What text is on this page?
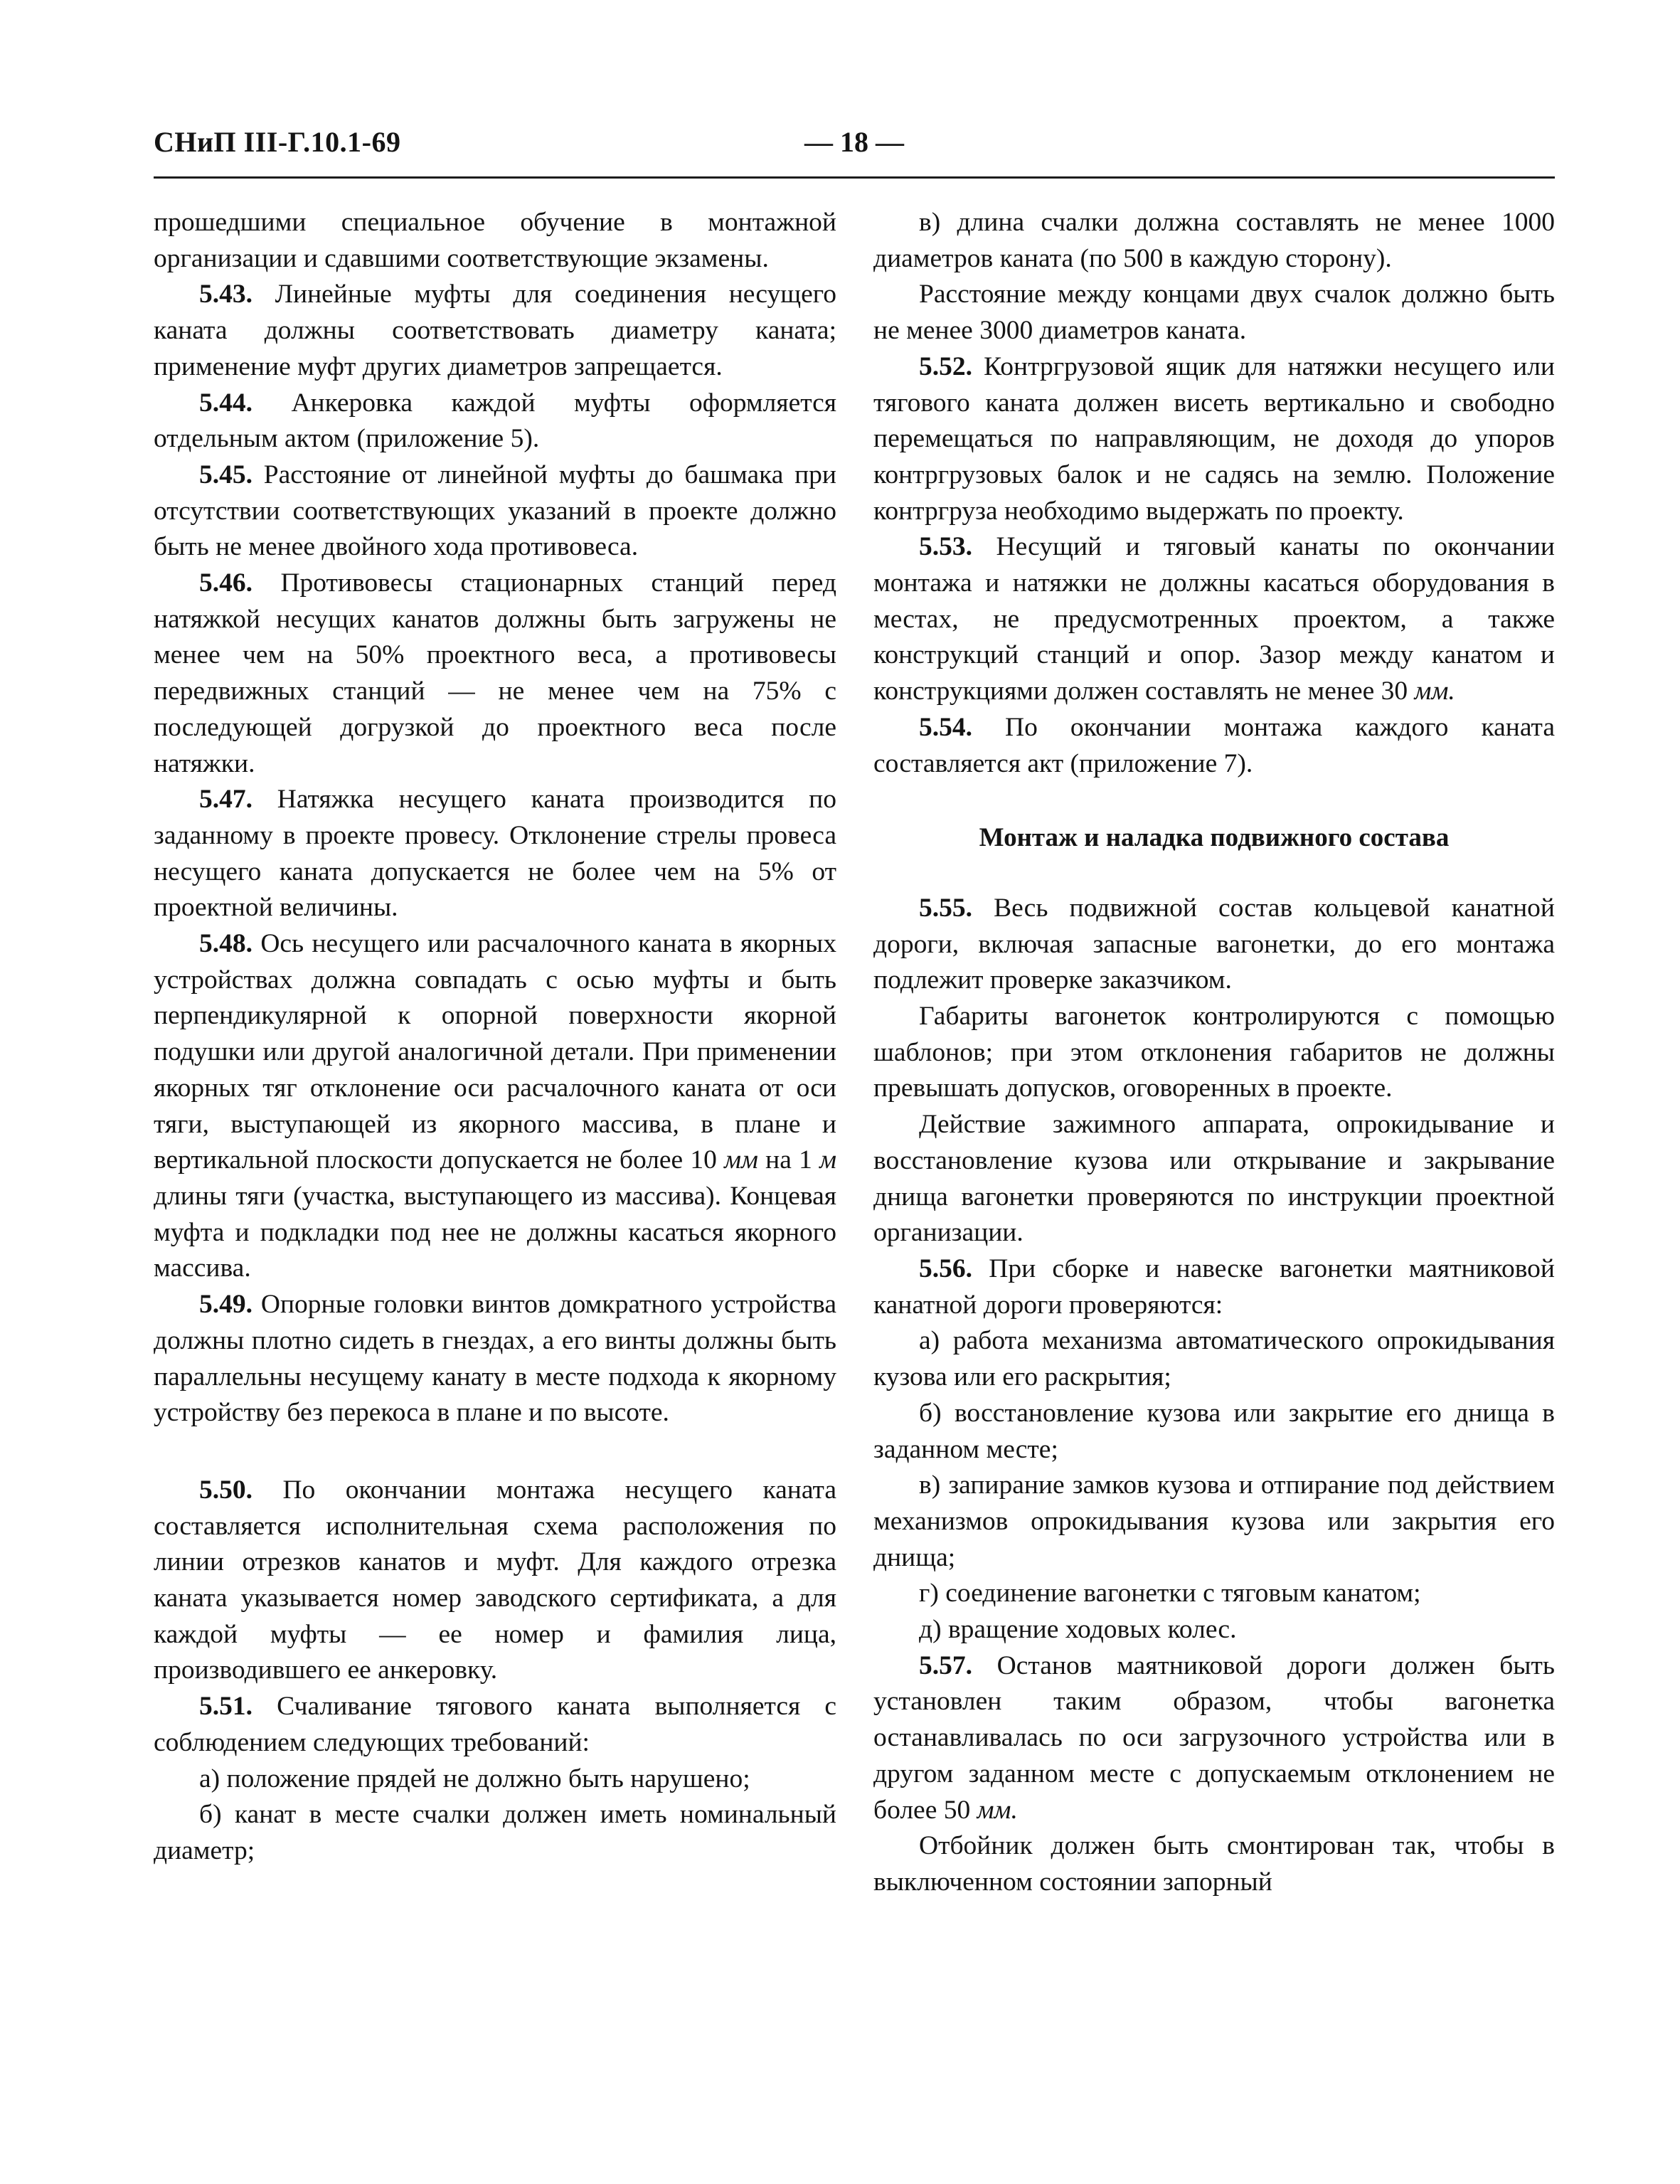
СНиП III-Г.10.1-69	— 18 —

прошедшими специальное обучение в монтажной организации и сдавшими соответствующие экзамены.

5.43. Линейные муфты для соединения несущего каната должны соответствовать диаметру каната; применение муфт других диаметров запрещается.

5.44. Анкеровка каждой муфты оформляется отдельным актом (приложение 5).

5.45. Расстояние от линейной муфты до башмака при отсутствии соответствующих указаний в проекте должно быть не менее двойного хода противовеса.

5.46. Противовесы стационарных станций перед натяжкой несущих канатов должны быть загружены не менее чем на 50% проектного веса, а противовесы передвижных станций — не менее чем на 75% с последующей догрузкой до проектного веса после натяжки.

5.47. Натяжка несущего каната производится по заданному в проекте провесу. Отклонение стрелы провеса несущего каната допускается не более чем на 5% от проектной величины.

5.48. Ось несущего или расчалочного каната в якорных устройствах должна совпадать с осью муфты и быть перпендикулярной к опорной поверхности якорной подушки или другой аналогичной детали. При применении якорных тяг отклонение оси расчалочного каната от оси тяги, выступающей из якорного массива, в плане и вертикальной плоскости допускается не более 10 мм на 1 м длины тяги (участка, выступающего из массива). Концевая муфта и подкладки под нее не должны касаться якорного массива.

5.49. Опорные головки винтов домкратного устройства должны плотно сидеть в гнездах, а его винты должны быть параллельны несущему канату в месте подхода к якорному устройству без перекоса в плане и по высоте.

5.50. По окончании монтажа несущего каната составляется исполнительная схема расположения по линии отрезков канатов и муфт. Для каждого отрезка каната указывается номер заводского сертификата, а для каждой муфты — ее номер и фамилия лица, производившего ее анкеровку.

5.51. Счаливание тягового каната выполняется с соблюдением следующих требований:

а) положение прядей не должно быть нарушено;

б) канат в месте счалки должен иметь номинальный диаметр;

в) длина счалки должна составлять не менее 1000 диаметров каната (по 500 в каждую сторону).

Расстояние между концами двух счалок должно быть не менее 3000 диаметров каната.

5.52. Контргрузовой ящик для натяжки несущего или тягового каната должен висеть вертикально и свободно перемещаться по направляющим, не доходя до упоров контргрузовых балок и не садясь на землю. Положение контргруза необходимо выдержать по проекту.

5.53. Несущий и тяговый канаты по окончании монтажа и натяжки не должны касаться оборудования в местах, не предусмотренных проектом, а также конструкций станций и опор. Зазор между канатом и конструкциями должен составлять не менее 30 мм.

5.54. По окончании монтажа каждого каната составляется акт (приложение 7).

Монтаж и наладка подвижного состава

5.55. Весь подвижной состав кольцевой канатной дороги, включая запасные вагонетки, до его монтажа подлежит проверке заказчиком.

Габариты вагонеток контролируются с помощью шаблонов; при этом отклонения габаритов не должны превышать допусков, оговоренных в проекте.

Действие зажимного аппарата, опрокидывание и восстановление кузова или открывание и закрывание днища вагонетки проверяются по инструкции проектной организации.

5.56. При сборке и навеске вагонетки маятниковой канатной дороги проверяются:

а) работа механизма автоматического опрокидывания кузова или его раскрытия;

б) восстановление кузова или закрытие его днища в заданном месте;

в) запирание замков кузова и отпирание под действием механизмов опрокидывания кузова или закрытия его днища;

г) соединение вагонетки с тяговым канатом;

д) вращение ходовых колес.

5.57. Останов маятниковой дороги должен быть установлен таким образом, чтобы вагонетка останавливалась по оси загрузочного устройства или в другом заданном месте с допускаемым отклонением не более 50 мм.

Отбойник должен быть смонтирован так, чтобы в выключенном состоянии запорный
